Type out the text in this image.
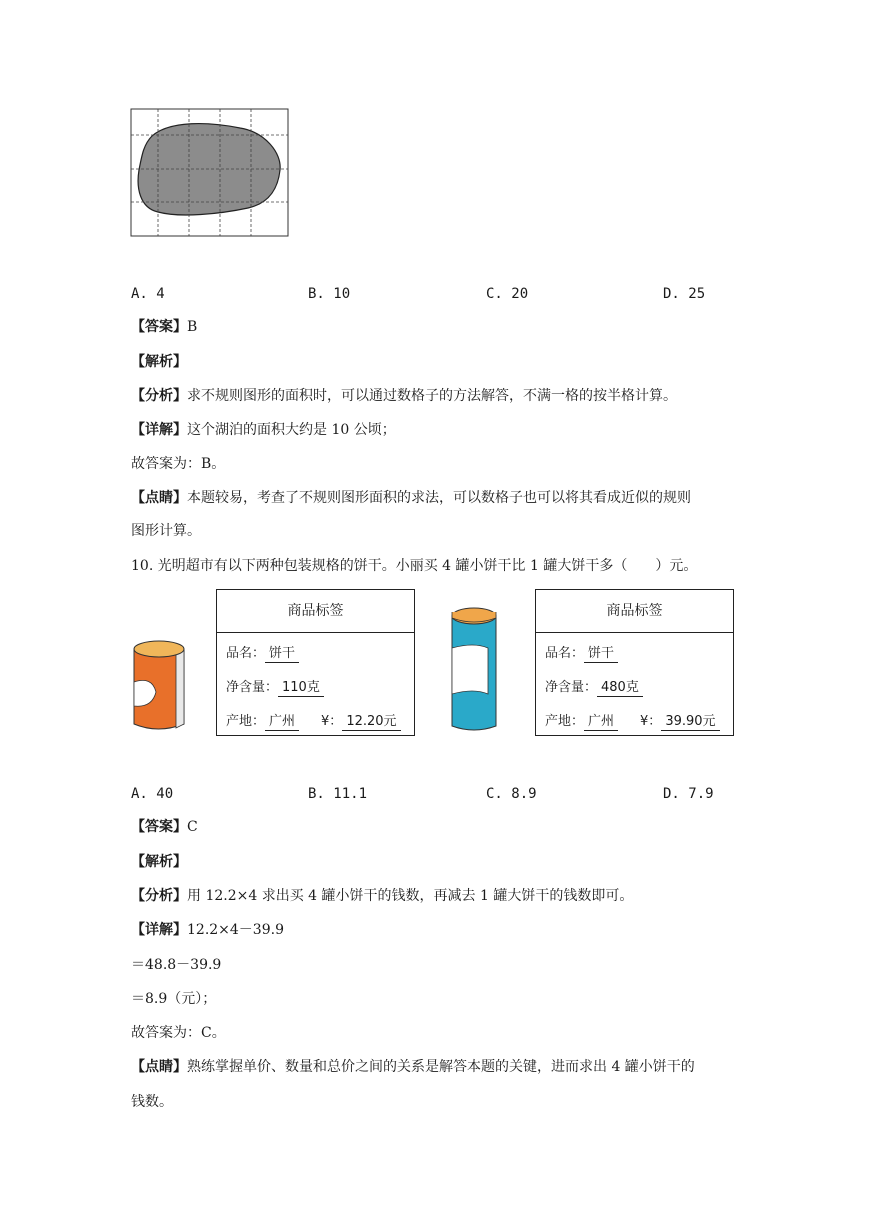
A. 4	B. 10	C. 20	D. 25
【答案】B
【解析】
【分析】求不规则图形的面积时，可以通过数格子的方法解答，不满一格的按半格计算。
【详解】这个湖泊的面积大约是 10 公顷；
故答案为：B。
【点睛】本题较易，考查了不规则图形面积的求法，可以数格子也可以将其看成近似的规则
图形计算。
10. 光明超市有以下两种包装规格的饼干。小丽买 4 罐小饼干比 1 罐大饼干多（　　）元。
商品标签
品名： 饼干
净含量： 110克
产地： 广州 ¥： 12.20元
商品标签
品名： 饼干
净含量： 480克
产地： 广州 ¥： 39.90元
A. 40	B. 11.1	C. 8.9	D. 7.9
【答案】C
【解析】
【分析】用 12.2×4 求出买 4 罐小饼干的钱数，再减去 1 罐大饼干的钱数即可。
【详解】12.2×4－39.9
＝48.8－39.9
＝8.9（元）；
故答案为：C。
【点睛】熟练掌握单价、数量和总价之间的关系是解答本题的关键，进而求出 4 罐小饼干的
钱数。
